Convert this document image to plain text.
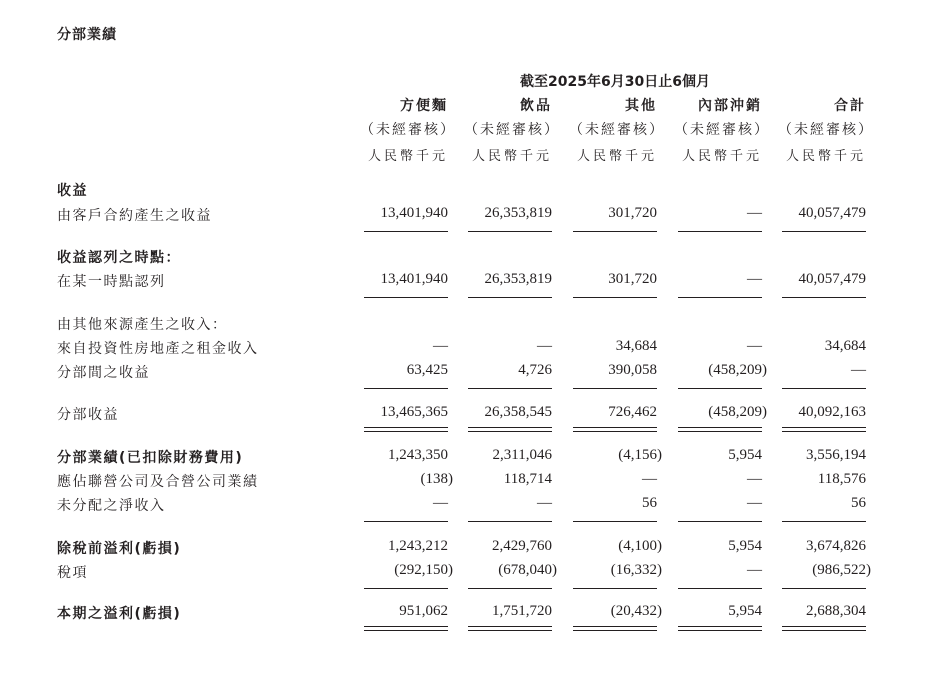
分部業績
截至2025年6月30日止6個月
方便麵	飲品	其他	內部沖銷	合計
（未經審核） （未經審核） （未經審核） （未經審核） （未經審核）
人民幣千元	人民幣千元	人民幣千元	人民幣千元	人民幣千元
收益
由客戶合約產生之收益	13,401,940	26,353,819	301,720	—	40,057,479
收益認列之時點：
在某一時點認列	13,401,940	26,353,819	301,720	—	40,057,479
由其他來源產生之收入：
來自投資性房地產之租金收入	—	—	34,684	—	34,684
分部間之收益	63,425	4,726	390,058	(458,209)	—
分部收益	13,465,365	26,358,545	726,462	(458,209)	40,092,163
分部業績(已扣除財務費用)	1,243,350	2,311,046	(4,156)	5,954	3,556,194
應佔聯營公司及合營公司業績	(138)	118,714	—	—	118,576
未分配之淨收入	—	—	56	—	56
除稅前溢利(虧損)	1,243,212	2,429,760	(4,100)	5,954	3,674,826
稅項	(292,150)	(678,040)	(16,332)	—	(986,522)
本期之溢利(虧損)	951,062	1,751,720	(20,432)	5,954	2,688,304
